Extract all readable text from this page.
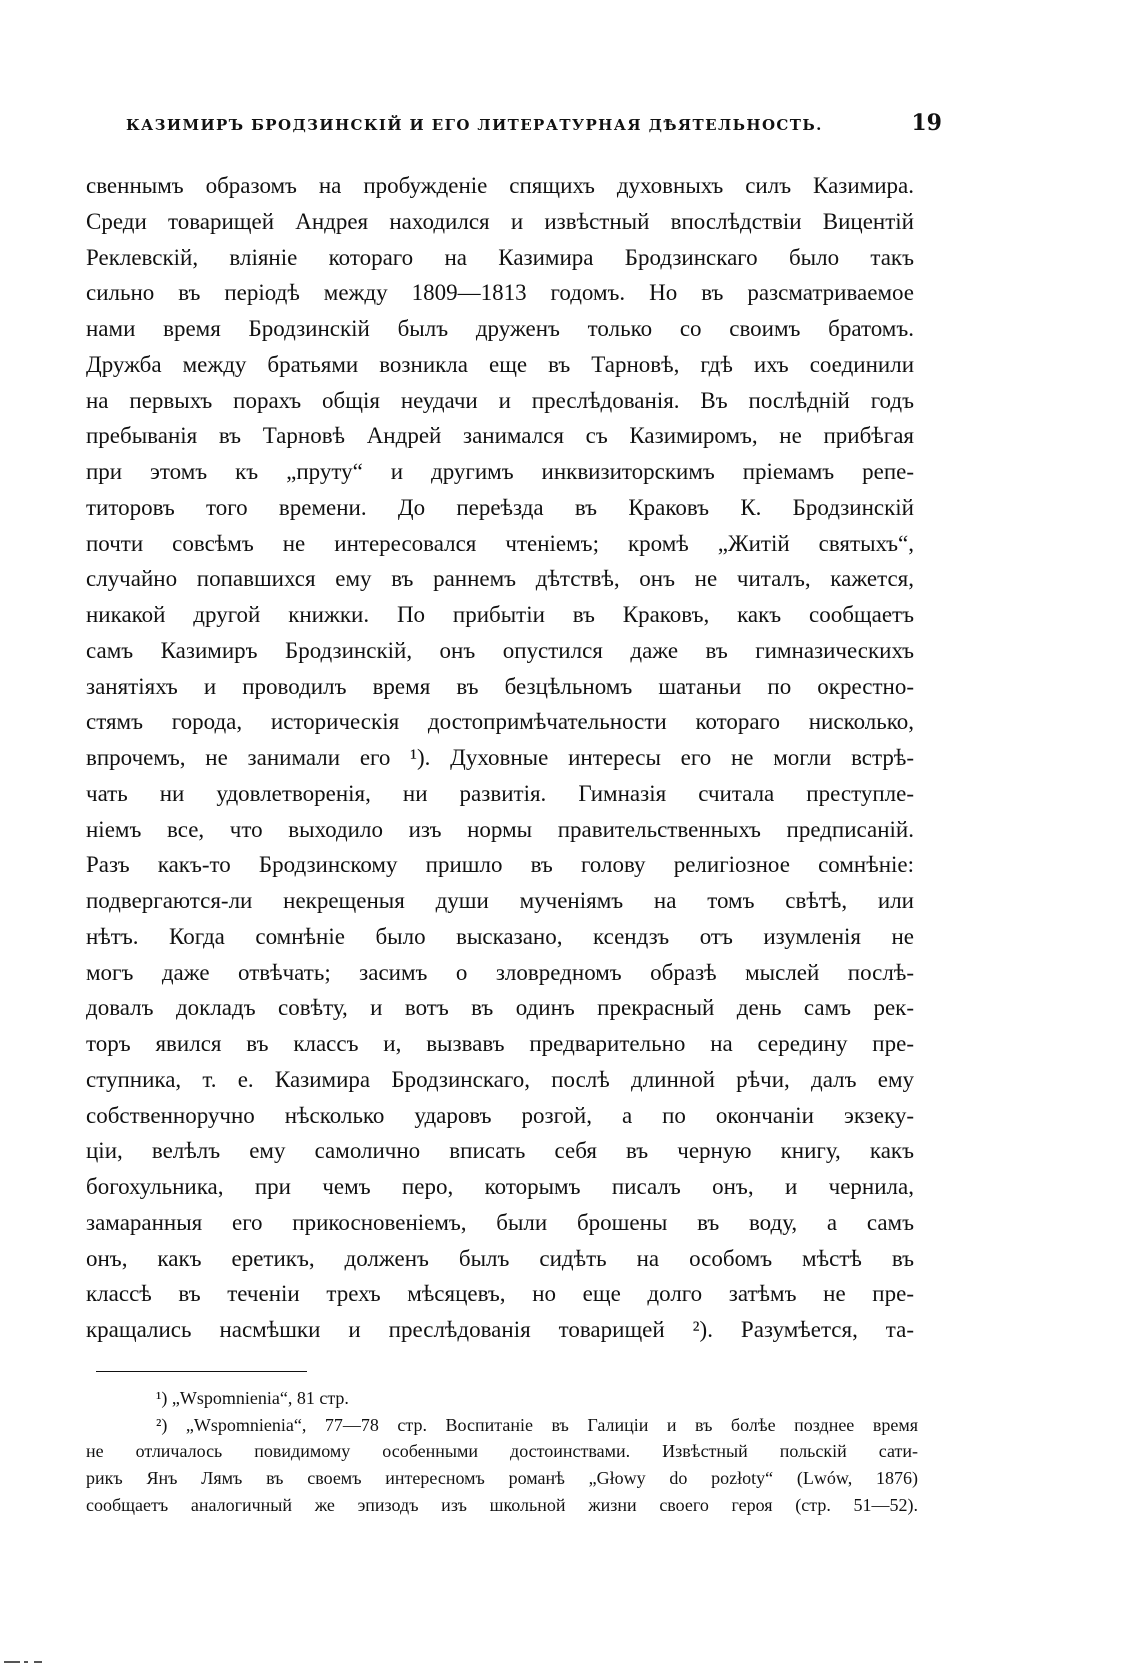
КАЗИМИРЪ БРОДЗИНСКІЙ И ЕГО ЛИТЕРАТУРНАЯ ДѢЯТЕЛЬНОСТЬ.	19
свеннымъ образомъ на пробужденіе спящихъ духовныхъ силъ Казимира.
Среди товарищей Андрея находился и извѣстный впослѣдствіи Вицентій
Реклевскій, вліяніе котораго на Казимира Бродзинскаго было такъ
сильно въ періодѣ между 1809—1813 годомъ. Но въ разсматриваемое
нами время Бродзинскій былъ друженъ только со своимъ братомъ.
Дружба между братьями возникла еще въ Тарновѣ, гдѣ ихъ соединили
на первыхъ порахъ общія неудачи и преслѣдованія. Въ послѣдній годъ
пребыванія въ Тарновѣ Андрей занимался съ Казимиромъ, не прибѣгая
при этомъ къ „пруту“ и другимъ инквизиторскимъ пріемамъ репе-
титоровъ того времени. До переѣзда въ Краковъ К. Бродзинскій
почти совсѣмъ не интересовался чтеніемъ; кромѣ „Житій святыхъ“,
случайно попавшихся ему въ раннемъ дѣтствѣ, онъ не читалъ, кажется,
никакой другой книжки. По прибытіи въ Краковъ, какъ сообщаетъ
самъ Казимиръ Бродзинскій, онъ опустился даже въ гимназическихъ
занятіяхъ и проводилъ время въ безцѣльномъ шатаньи по окрестно-
стямъ города, историческія достопримѣчательности котораго нисколько,
впрочемъ, не занимали его ¹). Духовные интересы его не могли встрѣ-
чать ни удовлетворенія, ни развитія. Гимназія считала преступле-
ніемъ все, что выходило изъ нормы правительственныхъ предписаній.
Разъ какъ-то Бродзинскому пришло въ голову религіозное сомнѣніе:
подвергаются-ли некрещеныя души мученіямъ на томъ свѣтѣ, или
нѣтъ. Когда сомнѣніе было высказано, ксендзъ отъ изумленія не
могъ даже отвѣчать; засимъ о зловредномъ образѣ мыслей послѣ-
довалъ докладъ совѣту, и вотъ въ одинъ прекрасный день самъ рек-
торъ явился въ классъ и, вызвавъ предварительно на середину пре-
ступника, т. е. Казимира Бродзинскаго, послѣ длинной рѣчи, далъ ему
собственноручно нѣсколько ударовъ розгой, а по окончаніи экзеку-
ціи, велѣлъ ему самолично вписать себя въ черную книгу, какъ
богохульника, при чемъ перо, которымъ писалъ онъ, и чернила,
замаранныя его прикосновеніемъ, были брошены въ воду, а самъ
онъ, какъ еретикъ, долженъ былъ сидѣть на особомъ мѣстѣ въ
классѣ въ теченіи трехъ мѣсяцевъ, но еще долго затѣмъ не пре-
кращались насмѣшки и преслѣдованія товарищей ²). Разумѣется, та-
¹) „Wspomnienia“, 81 стр.
²) „Wspomnienia“, 77—78 стр. Воспитаніе въ Галиціи и въ болѣе позднее время
не отличалось повидимому особенными достоинствами. Извѣстный польскій сати-
рикъ Янъ Лямъ въ своемъ интересномъ романѣ „Głowy do pozłoty“ (Lwów, 1876)
сообщаетъ аналогичный же эпизодъ изъ школьной жизни своего героя (стр. 51—52).
